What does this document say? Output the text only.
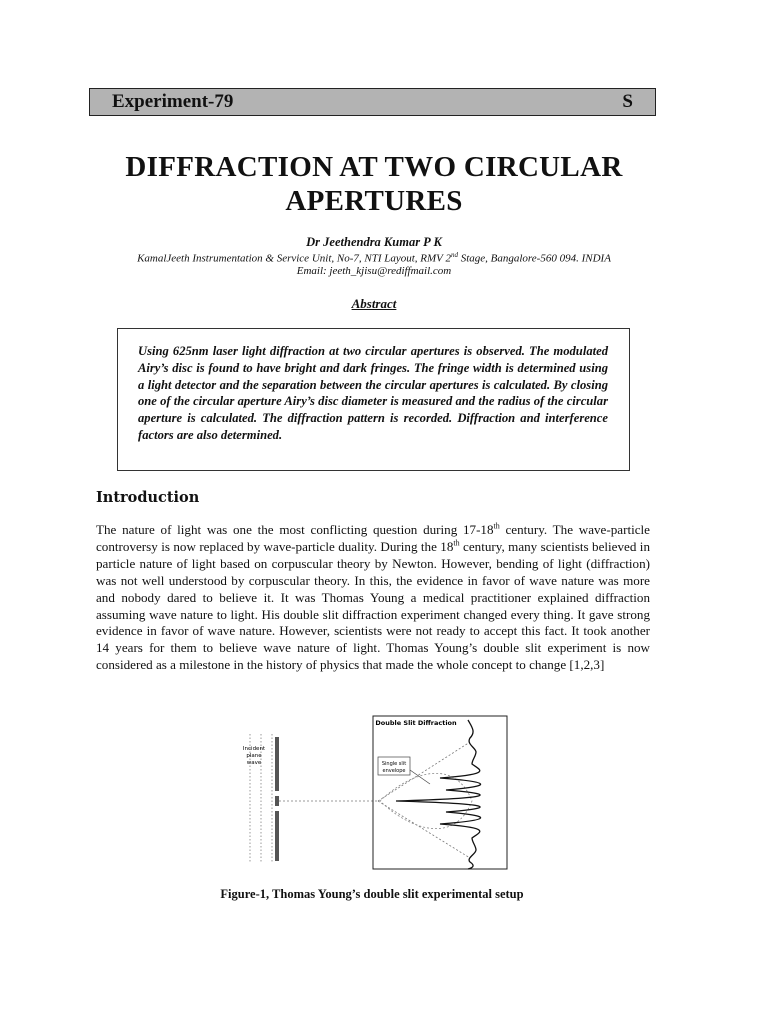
Experiment-79	S
DIFFRACTION AT TWO CIRCULAR APERTURES
Dr Jeethendra Kumar P K
KamalJeeth Instrumentation & Service Unit, No-7, NTI Layout, RMV 2nd Stage, Bangalore-560 094. INDIA
Email: jeeth_kjisu@rediffmail.com
Abstract

Using 625nm laser light diffraction at two circular apertures is observed. The modulated Airy’s disc is found to have bright and dark fringes. The fringe width is determined using a light detector and the separation between the circular apertures is calculated. By closing one of the circular aperture Airy’s disc diameter is measured and the radius of the circular aperture is calculated. The diffraction pattern is recorded. Diffraction and interference factors are also determined.

Introduction

The nature of light was one the most conflicting question during 17-18th century. The wave-particle controversy is now replaced by wave-particle duality. During the 18th century, many scientists believed in particle nature of light based on corpuscular theory by Newton. However, bending of light (diffraction) was not well understood by corpuscular theory. In this, the evidence in favor of wave nature was more and nobody dared to believe it. It was Thomas Young a medical practitioner explained diffraction assuming wave nature to light. His double slit diffraction experiment changed every thing. It gave strong evidence in favor of wave nature. However, scientists were not ready to accept this fact. It took another 14 years for them to believe wave nature of light. Thomas Young’s double slit experiment is now considered as a milestone in the history of physics that made the whole concept to change [1,2,3]

Incident
plane
wave
Double Slit Diffraction
Single slit
envelope
Figure-1, Thomas Young’s double slit experimental setup
